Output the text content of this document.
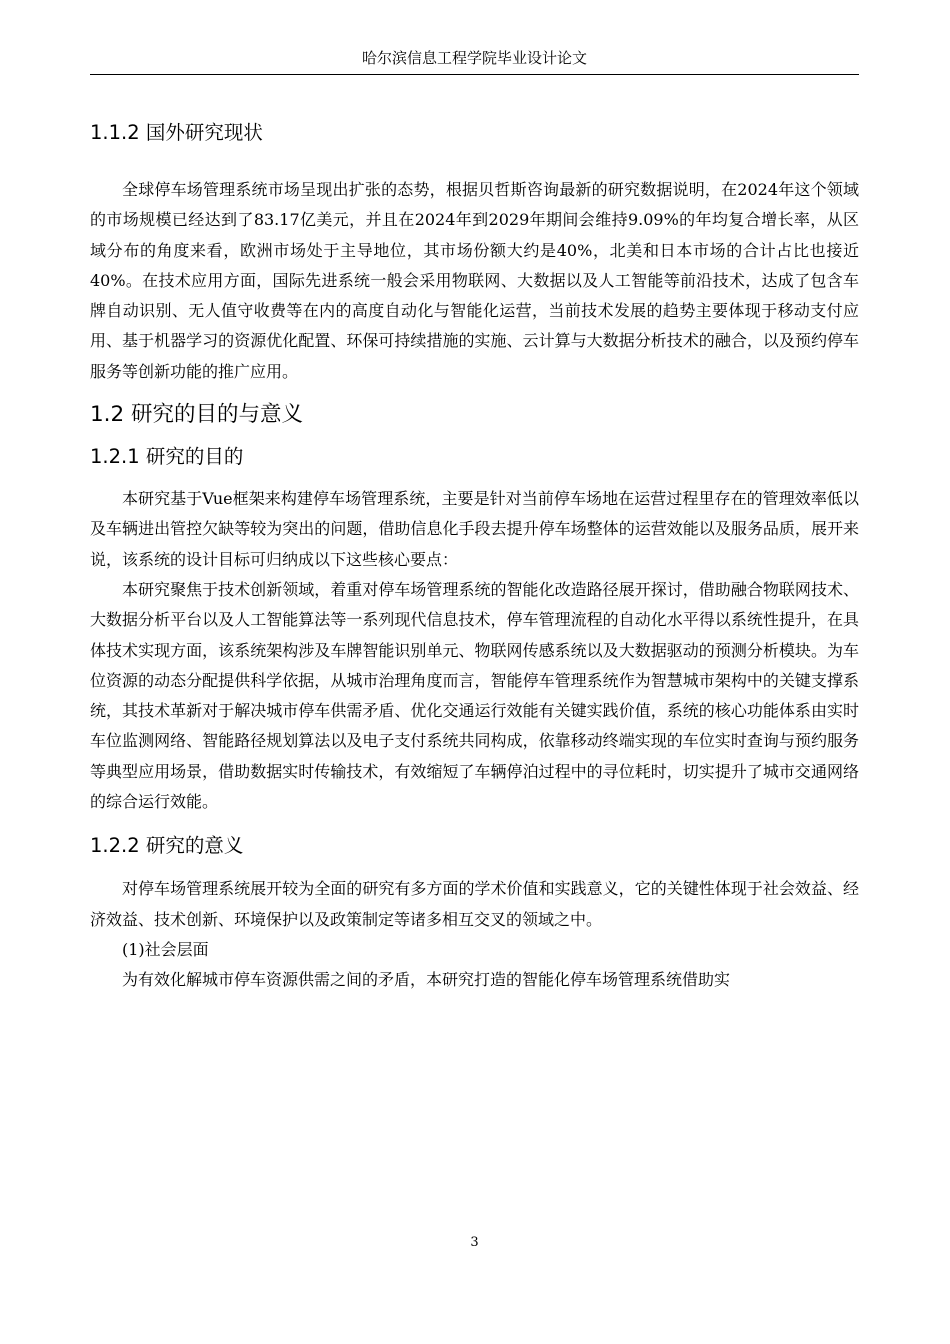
哈尔滨信息工程学院毕业设计论文
1.1.2 国外研究现状

全球停车场管理系统市场呈现出扩张的态势，根据贝哲斯咨询最新的研究数据说明，在2024年这个领域的市场规模已经达到了83.17亿美元，并且在2024年到2029年期间会维持9.09%的年均复合增长率，从区域分布的角度来看，欧洲市场处于主导地位，其市场份额大约是40%，北美和日本市场的合计占比也接近40%。在技术应用方面，国际先进系统一般会采用物联网、大数据以及人工智能等前沿技术，达成了包含车牌自动识别、无人值守收费等在内的高度自动化与智能化运营，当前技术发展的趋势主要体现于移动支付应用、基于机器学习的资源优化配置、环保可持续措施的实施、云计算与大数据分析技术的融合，以及预约停车服务等创新功能的推广应用。

1.2 研究的目的与意义
1.2.1 研究的目的

本研究基于Vue框架来构建停车场管理系统，主要是针对当前停车场地在运营过程里存在的管理效率低以及车辆进出管控欠缺等较为突出的问题，借助信息化手段去提升停车场整体的运营效能以及服务品质，展开来说，该系统的设计目标可归纳成以下这些核心要点：

本研究聚焦于技术创新领域，着重对停车场管理系统的智能化改造路径展开探讨，借助融合物联网技术、大数据分析平台以及人工智能算法等一系列现代信息技术，停车管理流程的自动化水平得以系统性提升，在具体技术实现方面，该系统架构涉及车牌智能识别单元、物联网传感系统以及大数据驱动的预测分析模块。为车位资源的动态分配提供科学依据，从城市治理角度而言，智能停车管理系统作为智慧城市架构中的关键支撑系统，其技术革新对于解决城市停车供需矛盾、优化交通运行效能有关键实践价值，系统的核心功能体系由实时车位监测网络、智能路径规划算法以及电子支付系统共同构成，依靠移动终端实现的车位实时查询与预约服务等典型应用场景，借助数据实时传输技术，有效缩短了车辆停泊过程中的寻位耗时，切实提升了城市交通网络的综合运行效能。

1.2.2 研究的意义

对停车场管理系统展开较为全面的研究有多方面的学术价值和实践意义，它的关键性体现于社会效益、经济效益、技术创新、环境保护以及政策制定等诸多相互交叉的领域之中。

(1)社会层面

为有效化解城市停车资源供需之间的矛盾，本研究打造的智能化停车场管理系统借助实

3
